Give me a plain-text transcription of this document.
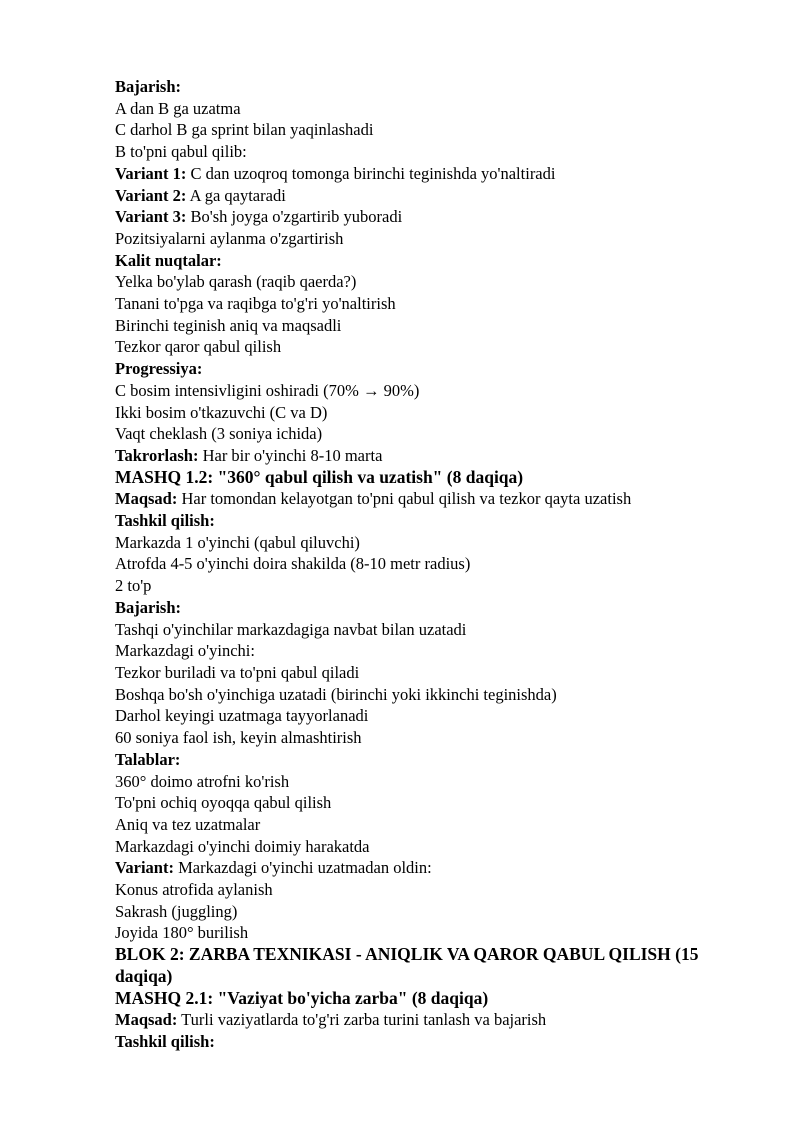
Bajarish:
A dan B ga uzatma
C darhol B ga sprint bilan yaqinlashadi
B to'pni qabul qilib:
Variant 1: C dan uzoqroq tomonga birinchi teginishda yo'naltiradi
Variant 2: A ga qaytaradi
Variant 3: Bo'sh joyga o'zgartirib yuboradi
Pozitsiyalarni aylanma o'zgartirish
Kalit nuqtalar:
Yelka bo'ylab qarash (raqib qaerda?)
Tanani to'pga va raqibga to'g'ri yo'naltirish
Birinchi teginish aniq va maqsadli
Tezkor qaror qabul qilish
Progressiya:
C bosim intensivligini oshiradi (70% → 90%)
Ikki bosim o'tkazuvchi (C va D)
Vaqt cheklash (3 soniya ichida)
Takrorlash: Har bir o'yinchi 8-10 marta
MASHQ 1.2: "360° qabul qilish va uzatish" (8 daqiqa)
Maqsad: Har tomondan kelayotgan to'pni qabul qilish va tezkor qayta uzatish
Tashkil qilish:
Markazda 1 o'yinchi (qabul qiluvchi)
Atrofda 4-5 o'yinchi doira shakilda (8-10 metr radius)
2 to'p
Bajarish:
Tashqi o'yinchilar markazdagiga navbat bilan uzatadi
Markazdagi o'yinchi:
Tezkor buriladi va to'pni qabul qiladi
Boshqa bo'sh o'yinchiga uzatadi (birinchi yoki ikkinchi teginishda)
Darhol keyingi uzatmaga tayyorlanadi
60 soniya faol ish, keyin almashtirish
Talablar:
360° doimo atrofni ko'rish
To'pni ochiq oyoqqa qabul qilish
Aniq va tez uzatmalar
Markazdagi o'yinchi doimiy harakatda
Variant: Markazdagi o'yinchi uzatmadan oldin:
Konus atrofida aylanish
Sakrash (juggling)
Joyida 180° burilish
BLOK 2: ZARBA TEXNIKASI - ANIQLIK VA QAROR QABUL QILISH (15 daqiqa)
MASHQ 2.1: "Vaziyat bo'yicha zarba" (8 daqiqa)
Maqsad: Turli vaziyatlarda to'g'ri zarba turini tanlash va bajarish
Tashkil qilish:
